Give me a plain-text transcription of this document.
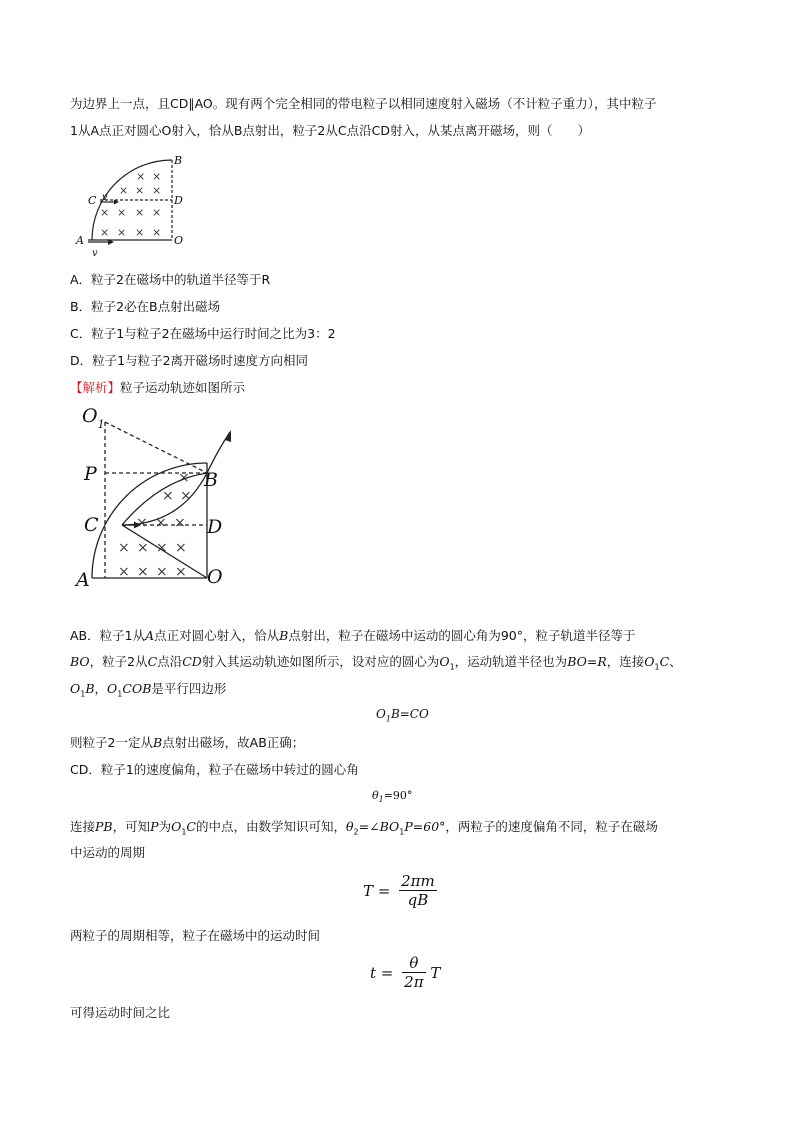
为边界上一点，且CD∥AO。现有两个完全相同的带电粒子以相同速度射入磁场（不计粒子重力），其中粒子
1从A点正对圆心O射入，恰从B点射出，粒子2从C点沿CD射入，从某点离开磁场，则（　　）
× ×
× × ×
× × × ×
× × × ×
B
C	D
A	O
v
v
A．粒子2在磁场中的轨道半径等于R
B．粒子2必在B点射出磁场
C．粒子1与粒子2在磁场中运行时间之比为3：2
D．粒子1与粒子2离开磁场时速度方向相同
【解析】粒子运动轨迹如图所示
× ×
×
× × ×
× × × ×
× × × ×
$O_1$
P	B
C	D
A	O
AB．粒子1从A点正对圆心射入，恰从B点射出，粒子在磁场中运动的圆心角为90°，粒子轨道半径等于
BO，粒子2从C点沿CD射入其运动轨迹如图所示，设对应的圆心为$O_1$，运动轨道半径也为BO=R，连接$O_1C$、
$O_1B$，$O_1COB$是平行四边形
$O_1B=CO$
则粒子2一定从B点射出磁场，故AB正确；
CD．粒子1的速度偏角，粒子在磁场中转过的圆心角
$\theta_1=90^\circ$
连接PB，可知P为$O_1C$的中点，由数学知识可知，$\theta_2=\angle BO_1P=60^\circ$，两粒子的速度偏角不同，粒子在磁场
中运动的周期
$T = \frac{2\pi m}{qB}$
两粒子的周期相等，粒子在磁场中的运动时间
$t = \frac{\theta}{2\pi}$ T
可得运动时间之比
